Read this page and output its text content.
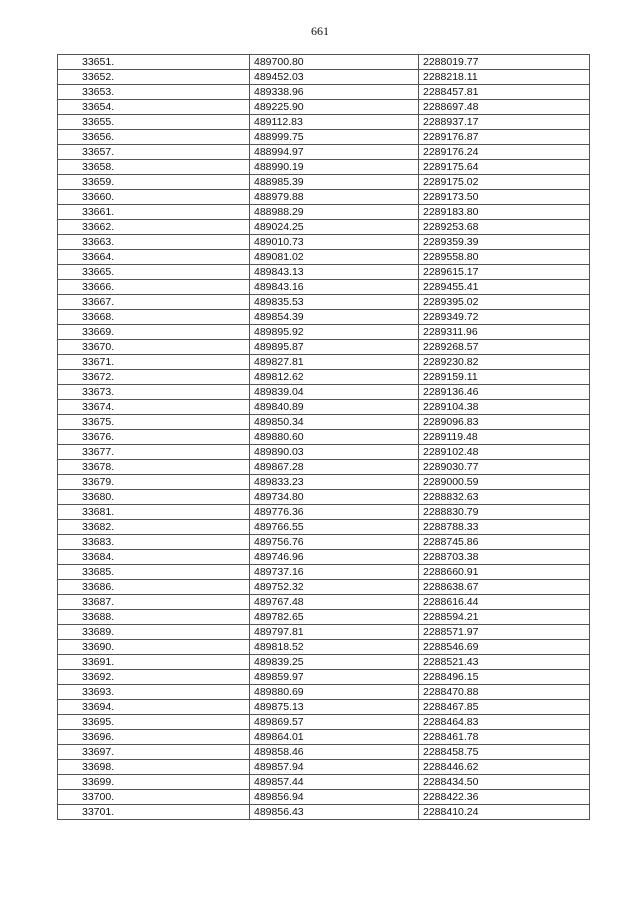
661
33651.	489700.80	2288019.77
33652.	489452.03	2288218.11
33653.	489338.96	2288457.81
33654.	489225.90	2288697.48
33655.	489112.83	2288937.17
33656.	488999.75	2289176.87
33657.	488994.97	2289176.24
33658.	488990.19	2289175.64
33659.	488985.39	2289175.02
33660.	488979.88	2289173.50
33661.	488988.29	2289183.80
33662.	489024.25	2289253.68
33663.	489010.73	2289359.39
33664.	489081.02	2289558.80
33665.	489843.13	2289615.17
33666.	489843.16	2289455.41
33667.	489835.53	2289395.02
33668.	489854.39	2289349.72
33669.	489895.92	2289311.96
33670.	489895.87	2289268.57
33671.	489827.81	2289230.82
33672.	489812.62	2289159.11
33673.	489839.04	2289136.46
33674.	489840.89	2289104.38
33675.	489850.34	2289096.83
33676.	489880.60	2289119.48
33677.	489890.03	2289102.48
33678.	489867.28	2289030.77
33679.	489833.23	2289000.59
33680.	489734.80	2288832.63
33681.	489776.36	2288830.79
33682.	489766.55	2288788.33
33683.	489756.76	2288745.86
33684.	489746.96	2288703.38
33685.	489737.16	2288660.91
33686.	489752.32	2288638.67
33687.	489767.48	2288616.44
33688.	489782.65	2288594.21
33689.	489797.81	2288571.97
33690.	489818.52	2288546.69
33691.	489839.25	2288521.43
33692.	489859.97	2288496.15
33693.	489880.69	2288470.88
33694.	489875.13	2288467.85
33695.	489869.57	2288464.83
33696.	489864.01	2288461.78
33697.	489858.46	2288458.75
33698.	489857.94	2288446.62
33699.	489857.44	2288434.50
33700.	489856.94	2288422.36
33701.	489856.43	2288410.24
